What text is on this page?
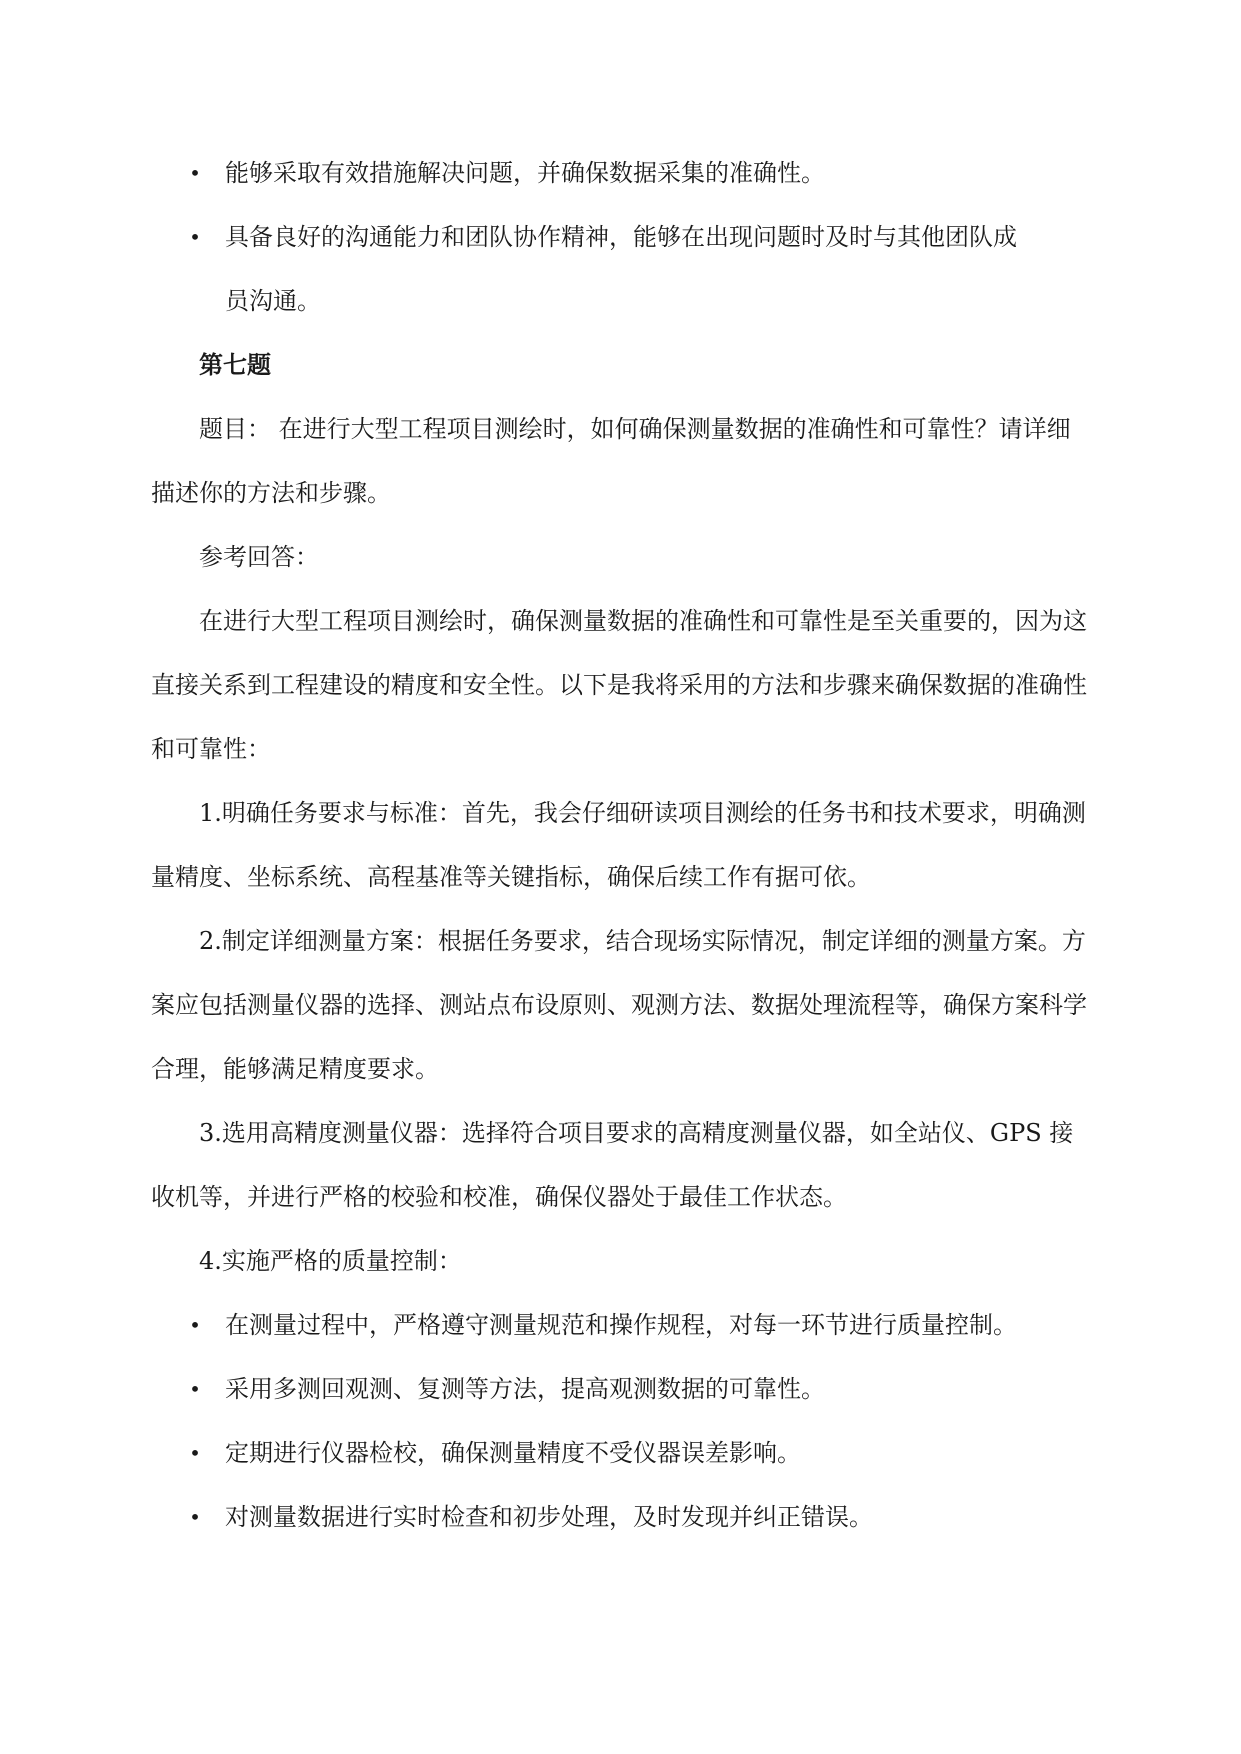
• 能够采取有效措施解决问题，并确保数据采集的准确性。

• 具备良好的沟通能力和团队协作精神，能够在出现问题时及时与其他团队成员沟通。

第七题

题目： 在进行大型工程项目测绘时，如何确保测量数据的准确性和可靠性？请详细描述你的方法和步骤。

参考回答：

在进行大型工程项目测绘时，确保测量数据的准确性和可靠性是至关重要的，因为这直接关系到工程建设的精度和安全性。以下是我将采用的方法和步骤来确保数据的准确性和可靠性：

1.明确任务要求与标准：首先，我会仔细研读项目测绘的任务书和技术要求，明确测量精度、坐标系统、高程基准等关键指标，确保后续工作有据可依。

2.制定详细测量方案：根据任务要求，结合现场实际情况，制定详细的测量方案。方案应包括测量仪器的选择、测站点布设原则、观测方法、数据处理流程等，确保方案科学合理，能够满足精度要求。

3.选用高精度测量仪器：选择符合项目要求的高精度测量仪器，如全站仪、GPS 接收机等，并进行严格的校验和校准，确保仪器处于最佳工作状态。

4.实施严格的质量控制：

• 在测量过程中，严格遵守测量规范和操作规程，对每一环节进行质量控制。

• 采用多测回观测、复测等方法，提高观测数据的可靠性。

• 定期进行仪器检校，确保测量精度不受仪器误差影响。

• 对测量数据进行实时检查和初步处理，及时发现并纠正错误。
